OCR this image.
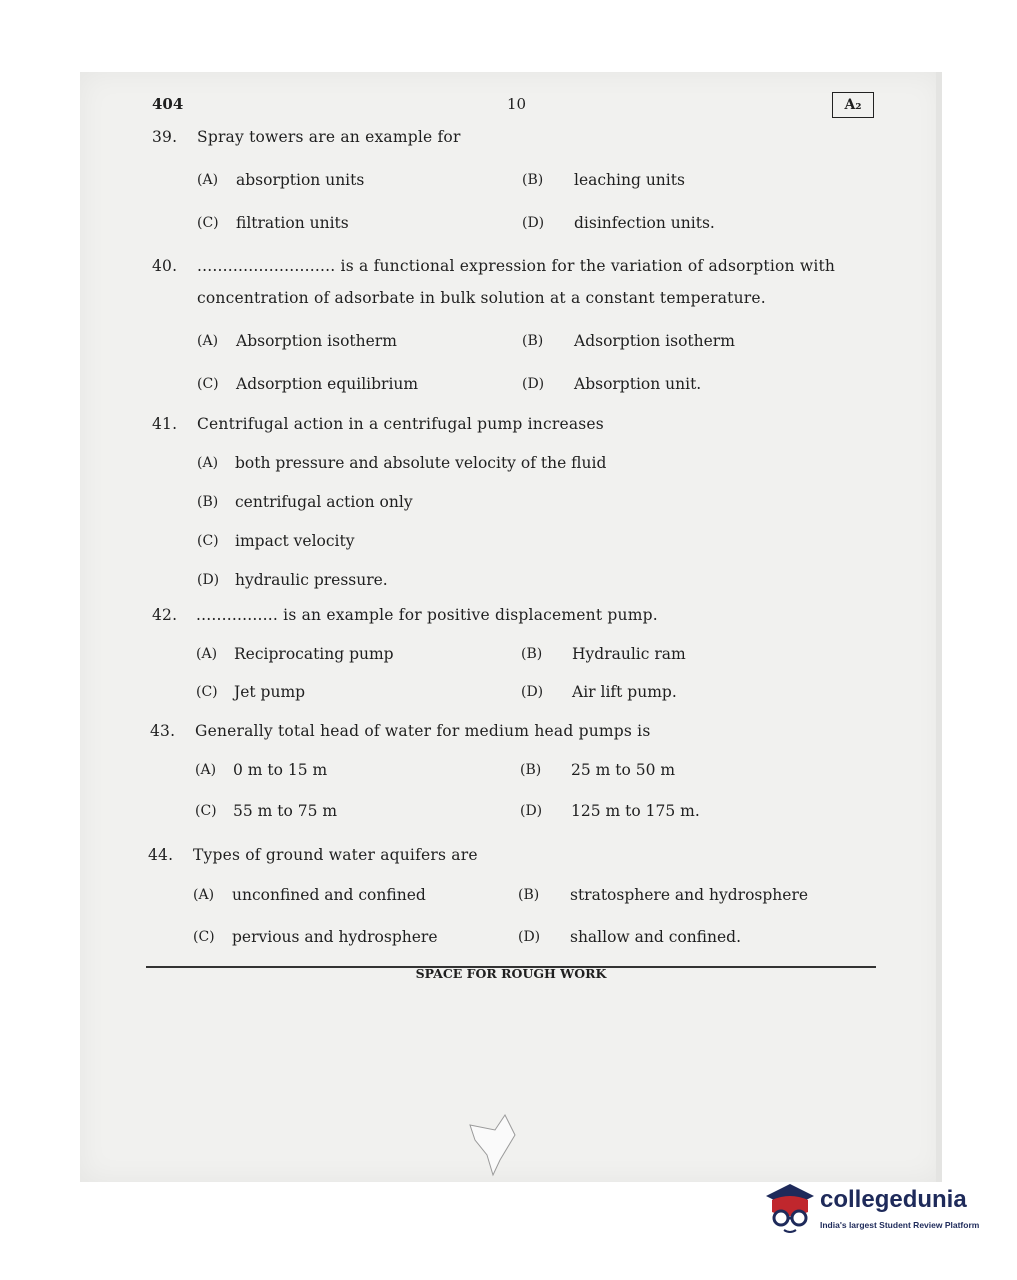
404	10	A₂
39. Spray towers are an example for
(A) absorption units	(B) leaching units
(C) filtration units	(D) disinfection units.
40. ........................... is a functional expression for the variation of adsorption with
concentration of adsorbate in bulk solution at a constant temperature.
(A) Absorption isotherm	(B) Adsorption isotherm
(C) Adsorption equilibrium	(D) Absorption unit.
41. Centrifugal action in a centrifugal pump increases
(A) both pressure and absolute velocity of the fluid
(B) centrifugal action only
(C) impact velocity
(D) hydraulic pressure.
42. ................ is an example for positive displacement pump.
(A) Reciprocating pump	(B) Hydraulic ram
(C) Jet pump	(D) Air lift pump.
43. Generally total head of water for medium head pumps is
(A) 0 m to 15 m	(B) 25 m to 50 m
(C) 55 m to 75 m	(D) 125 m to 175 m.
44. Types of ground water aquifers are
(A) unconfined and confined	(B) stratosphere and hydrosphere
(C) pervious and hydrosphere	(D) shallow and confined.
SPACE FOR ROUGH WORK
collegedunia
India's largest Student Review Platform
